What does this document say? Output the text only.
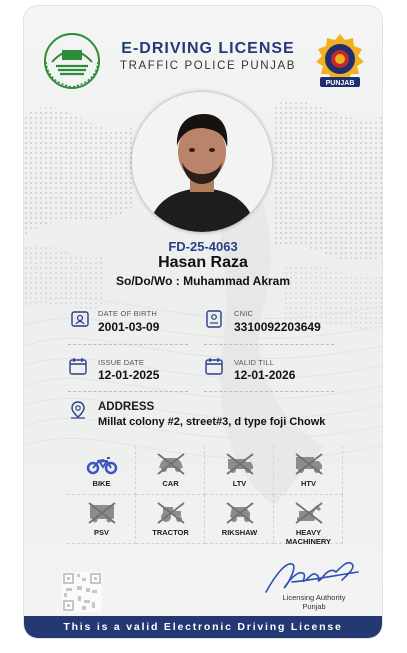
E-DRIVING LICENSE
TRAFFIC POLICE PUNJAB
PUNJAB
FD-25-4063
Hasan Raza
So/Do/Wo : Muhammad Akram
DATE OF BIRTH
2001-03-09
CNIC
3310092203649
ISSUE DATE
12-01-2025
VALID TILL
12-01-2026
ADDRESS
Millat colony #2, street#3, d type foji Chowk
BIKE	CAR	LTV	HTV
PSV	TRACTOR	RIKSHAW	HEAVY MACHINERY
Licensing Authority
Punjab
This is a valid Electronic Driving License
